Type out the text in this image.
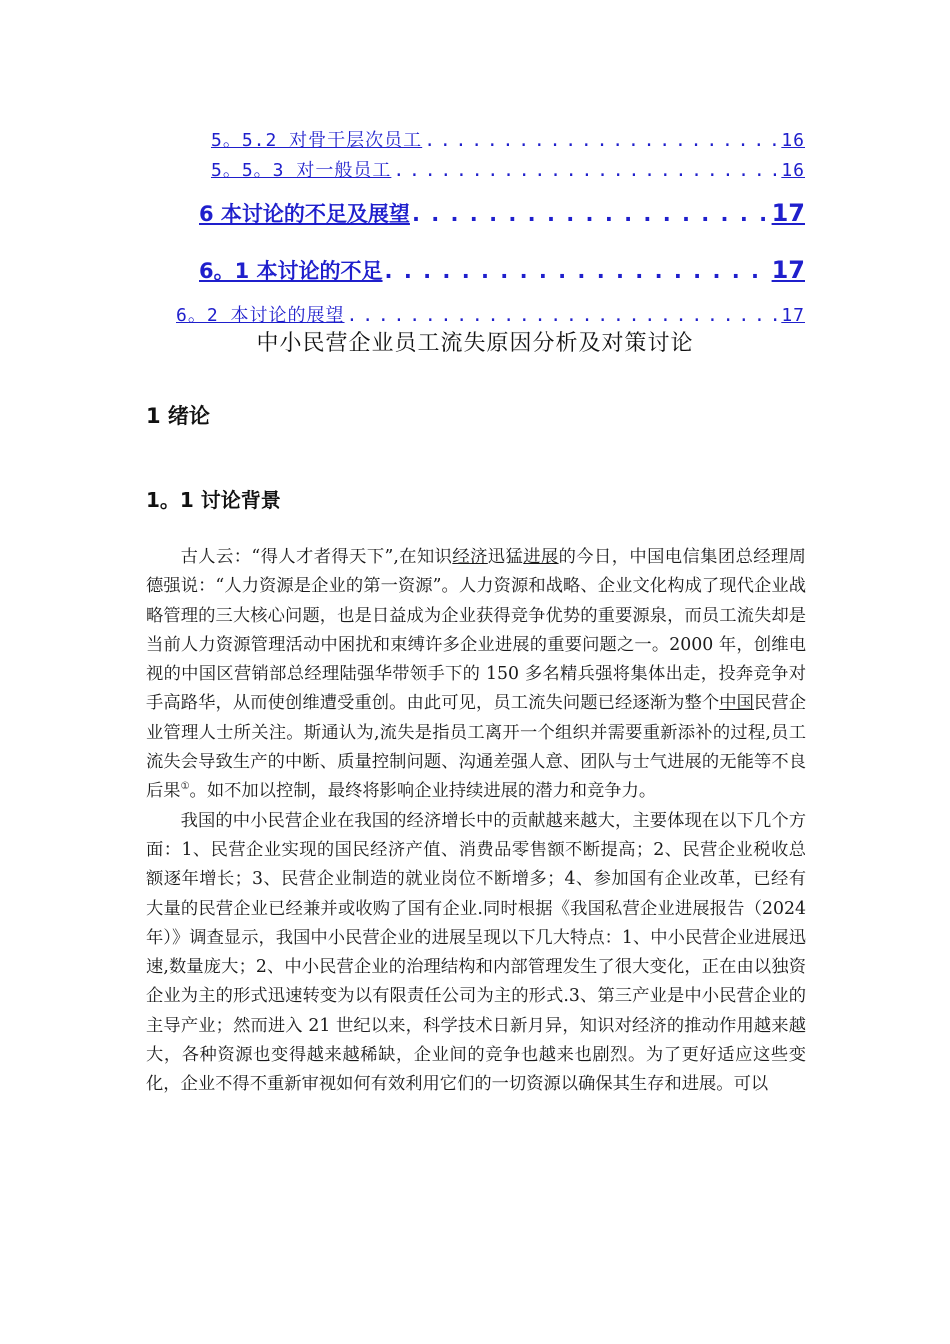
5。5.2 对骨干层次员工 . . .	16
5。5。3 对一般员工 . . .	16
6 本讨论的不足及展望 . . .	17
6。1 本讨论的不足 . . .	17
6。2 本讨论的展望 . . .	17
中小民营企业员工流失原因分析及对策讨论
1 绪论
1。1 讨论背景

古人云：“得人才者得天下”,在知识经济迅猛进展的今日，中国电信集团总经理周德强说：“人力资源是企业的第一资源”。人力资源和战略、企业文化构成了现代企业战略管理的三大核心问题，也是日益成为企业获得竞争优势的重要源泉，而员工流失却是当前人力资源管理活动中困扰和束缚许多企业进展的重要问题之一。2000 年，创维电视的中国区营销部总经理陆强华带领手下的 150 多名精兵强将集体出走，投奔竞争对手高路华，从而使创维遭受重创。由此可见，员工流失问题已经逐渐为整个中国民营企业管理人士所关注。斯通认为,流失是指员工离开一个组织并需要重新添补的过程,员工流失会导致生产的中断、质量控制问题、沟通差强人意、团队与士气进展的无能等不良后果①。如不加以控制，最终将影响企业持续进展的潜力和竞争力。

我国的中小民营企业在我国的经济增长中的贡献越来越大，主要体现在以下几个方面：1、民营企业实现的国民经济产值、消费品零售额不断提高；2、民营企业税收总额逐年增长；3、民营企业制造的就业岗位不断增多；4、参加国有企业改革，已经有大量的民营企业已经兼并或收购了国有企业.同时根据《我国私营企业进展报告（2024 年）》调查显示，我国中小民营企业的进展呈现以下几大特点：1、中小民营企业进展迅速,数量庞大；2、中小民营企业的治理结构和内部管理发生了很大变化，正在由以独资企业为主的形式迅速转变为以有限责任公司为主的形式.3、第三产业是中小民营企业的主导产业；然而进入 21 世纪以来，科学技术日新月异，知识对经济的推动作用越来越大，各种资源也变得越来越稀缺，企业间的竞争也越来也剧烈。为了更好适应这些变化，企业不得不重新审视如何有效利用它们的一切资源以确保其生存和进展。可以
